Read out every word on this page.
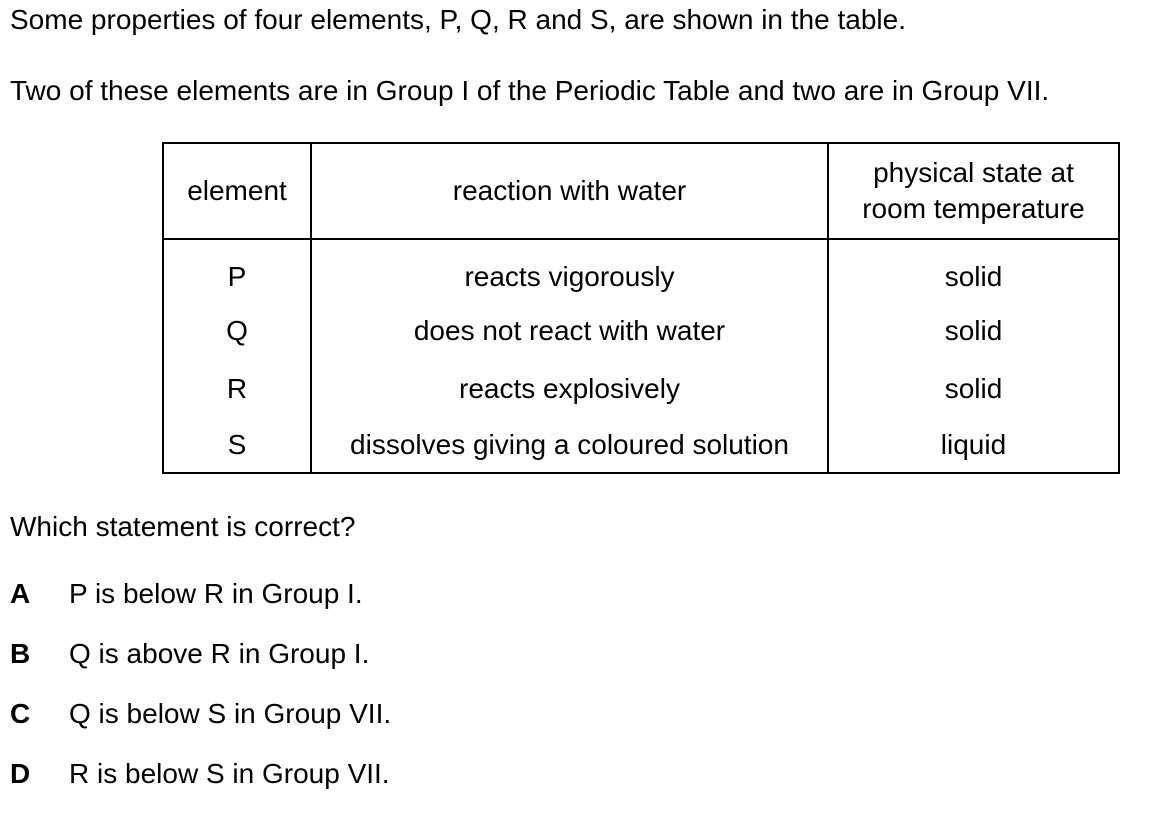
Some properties of four elements, P, Q, R and S, are shown in the table.
Two of these elements are in Group I of the Periodic Table and two are in Group VII.
element	reaction with water	physical state at
room temperature
P	reacts vigorously	solid
Q	does not react with water	solid
R	reacts explosively	solid
S	dissolves giving a coloured solution	liquid
Which statement is correct?
A P is below R in Group I.
B Q is above R in Group I.
C Q is below S in Group VII.
D R is below S in Group VII.
